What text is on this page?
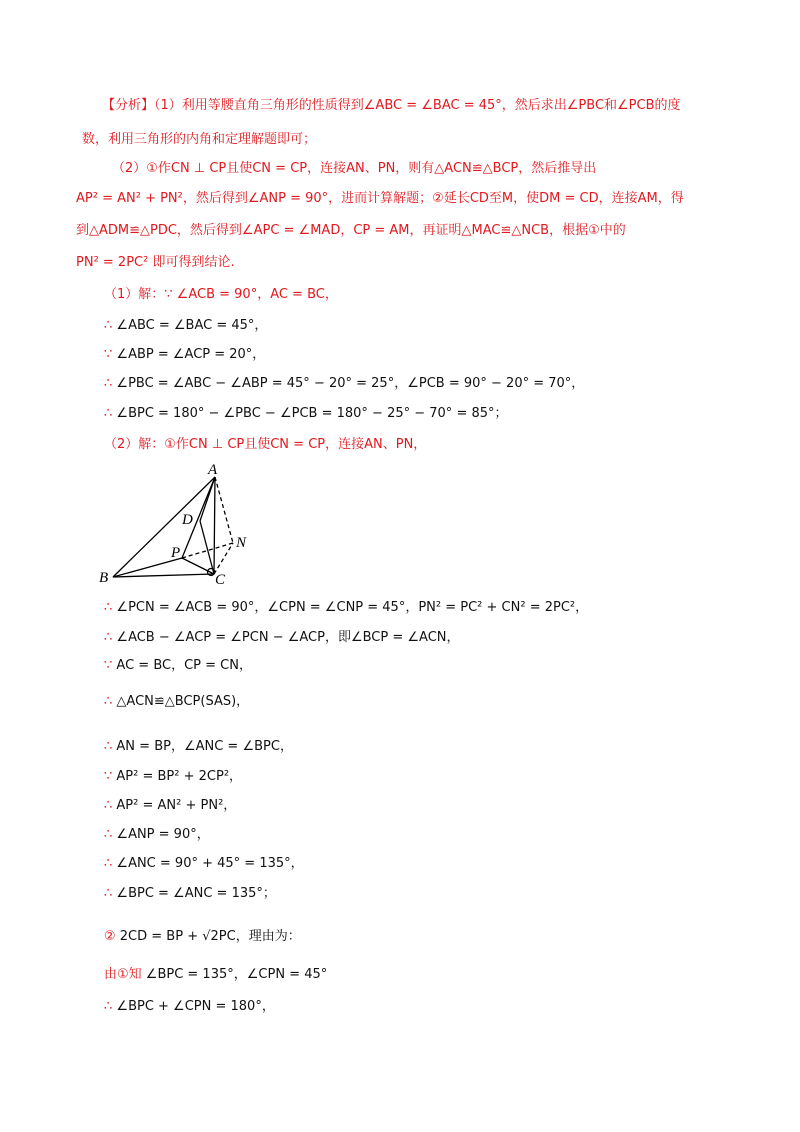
【分析】（1）利用等腰直角三角形的性质得到∠ABC = ∠BAC = 45°，然后求出∠PBC和∠PCB的度
数，利用三角形的内角和定理解题即可；
（2）①作CN ⊥ CP且使CN = CP，连接AN、PN，则有△ACN≌△BCP，然后推导出
AP² = AN² + PN²，然后得到∠ANP = 90°，进而计算解题；②延长CD至M，使DM = CD，连接AM，得
到△ADM≌△PDC，然后得到∠APC = ∠MAD，CP = AM，再证明△MAC≌△NCB，根据①中的
PN² = 2PC² 即可得到结论.
（1）解：∵ ∠ACB = 90°，AC = BC，
∴ ∠ABC = ∠BAC = 45°，
∵ ∠ABP = ∠ACP = 20°，
∴ ∠PBC = ∠ABC − ∠ABP = 45° − 20° = 25°，∠PCB = 90° − 20° = 70°，
∴ ∠BPC = 180° − ∠PBC − ∠PCB = 180° − 25° − 70° = 85°；
（2）解：①作CN ⊥ CP且使CN = CP，连接AN、PN，
A
D
N
P
B	C
∴ ∠PCN = ∠ACB = 90°，∠CPN = ∠CNP = 45°，PN² = PC² + CN² = 2PC²，
∴ ∠ACB − ∠ACP = ∠PCN − ∠ACP，即∠BCP = ∠ACN，
∵ AC = BC，CP = CN，
∴ △ACN≌△BCP(SAS)，
∴ AN = BP，∠ANC = ∠BPC，
∵ AP² = BP² + 2CP²，
∴ AP² = AN² + PN²，
∴ ∠ANP = 90°，
∴ ∠ANC = 90° + 45° = 135°，
∴ ∠BPC = ∠ANC = 135°；
② 2CD = BP + √2PC，理由为：
由①知 ∠BPC = 135°，∠CPN = 45°
∴ ∠BPC + ∠CPN = 180°，
